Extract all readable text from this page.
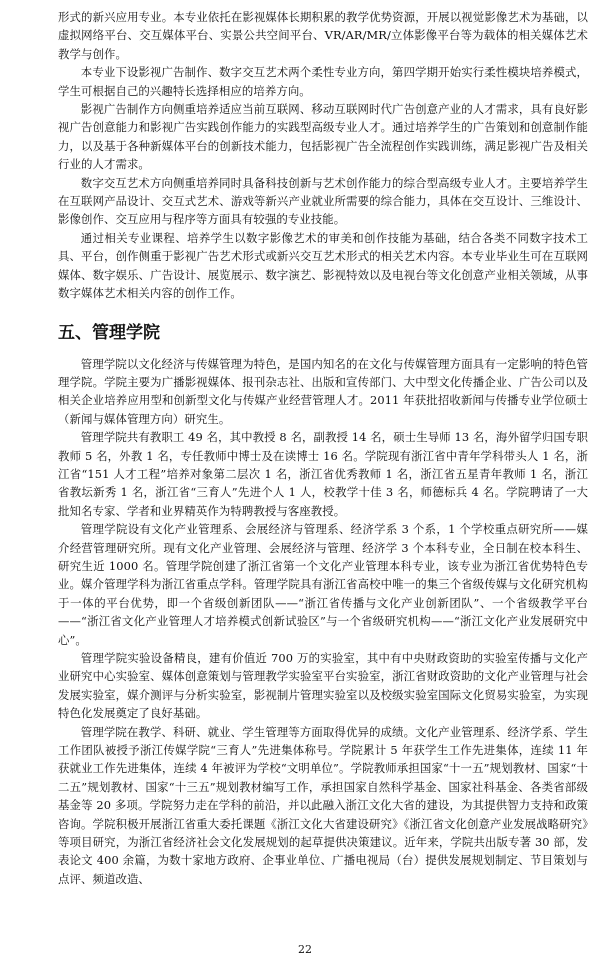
形式的新兴应用专业。本专业依托在影视媒体长期积累的教学优势资源，开展以视觉影像艺术为基础，以虚拟网络平台、交互媒体平台、实景公共空间平台、VR/AR/MR/立体影像平台等为载体的相关媒体艺术教学与创作。

本专业下设影视广告制作、数字交互艺术两个柔性专业方向，第四学期开始实行柔性模块培养模式，学生可根据自己的兴趣特长选择相应的培养方向。

影视广告制作方向侧重培养适应当前互联网、移动互联网时代广告创意产业的人才需求，具有良好影视广告创意能力和影视广告实践创作能力的实践型高级专业人才。通过培养学生的广告策划和创意制作能力，以及基于各种新媒体平台的创新技术能力，包括影视广告全流程创作实践训练，满足影视广告及相关行业的人才需求。

数字交互艺术方向侧重培养同时具备科技创新与艺术创作能力的综合型高级专业人才。主要培养学生在互联网产品设计、交互式艺术、游戏等新兴产业就业所需要的综合能力，具体在交互设计、三维设计、影像创作、交互应用与程序等方面具有较强的专业技能。

通过相关专业课程、培养学生以数字影像艺术的审美和创作技能为基础，结合各类不同数字技术工具、平台，创作侧重于影视广告艺术形式或新兴交互艺术形式的相关艺术内容。本专业毕业生可在互联网媒体、数字娱乐、广告设计、展览展示、数字演艺、影视特效以及电视台等文化创意产业相关领域，从事数字媒体艺术相关内容的创作工作。

五、管理学院

管理学院以文化经济与传媒管理为特色，是国内知名的在文化与传媒管理方面具有一定影响的特色管理学院。学院主要为广播影视媒体、报刊杂志社、出版和宣传部门、大中型文化传播企业、广告公司以及相关企业培养应用型和创新型文化与传媒产业经营管理人才。2011 年获批招收新闻与传播专业学位硕士（新闻与媒体管理方向）研究生。

管理学院共有教职工 49 名，其中教授 8 名，副教授 14 名，硕士生导师 13 名，海外留学归国专职教师 5 名，外教 1 名，专任教师中博士及在读博士 16 名。学院现有浙江省中青年学科带头人 1 名，浙江省“151 人才工程”培养对象第二层次 1 名，浙江省优秀教师 1 名，浙江省五星青年教师 1 名，浙江省教坛新秀 1 名，浙江省“三育人”先进个人 1 人，校教学十佳 3 名，师德标兵 4 名。学院聘请了一大批知名专家、学者和业界精英作为特聘教授与客座教授。

管理学院设有文化产业管理系、会展经济与管理系、经济学系 3 个系，1 个学校重点研究所——媒介经营管理研究所。现有文化产业管理、会展经济与管理、经济学 3 个本科专业，全日制在校本科生、研究生近 1000 名。管理学院创建了浙江省第一个文化产业管理本科专业，该专业为浙江省优势特色专业。媒介管理学科为浙江省重点学科。管理学院具有浙江省高校中唯一的集三个省级传媒与文化研究机构于一体的平台优势，即一个省级创新团队——“浙江省传播与文化产业创新团队”、一个省级教学平台——“浙江省文化产业管理人才培养模式创新试验区”与一个省级研究机构——“浙江文化产业发展研究中心”。

管理学院实验设备精良，建有价值近 700 万的实验室，其中有中央财政资助的实验室传播与文化产业研究中心实验室、媒体创意策划与管理教学实验室平台实验室，浙江省财政资助的文化产业管理与社会发展实验室，媒介测评与分析实验室，影视制片管理实验室以及校级实验室国际文化贸易实验室，为实现特色化发展奠定了良好基础。

管理学院在教学、科研、就业、学生管理等方面取得优异的成绩。文化产业管理系、经济学系、学生工作团队被授予浙江传媒学院“三育人”先进集体称号。学院累计 5 年获学生工作先进集体，连续 11 年获就业工作先进集体，连续 4 年被评为学校“文明单位”。学院教师承担国家“十一五”规划教材、国家“十二五”规划教材、国家“十三五”规划教材编写工作，承担国家自然科学基金、国家社科基金、各类省部级基金等 20 多项。学院努力走在学科的前沿，并以此融入浙江文化大省的建设，为其提供智力支持和政策咨询。学院积极开展浙江省重大委托课题《浙江文化大省建设研究》《浙江省文化创意产业发展战略研究》等项目研究，为浙江省经济社会文化发展规划的起草提供决策建议。近年来，学院共出版专著 30 部，发表论文 400 余篇，为数十家地方政府、企事业单位、广播电视局（台）提供发展规划制定、节目策划与点评、频道改造、

22
